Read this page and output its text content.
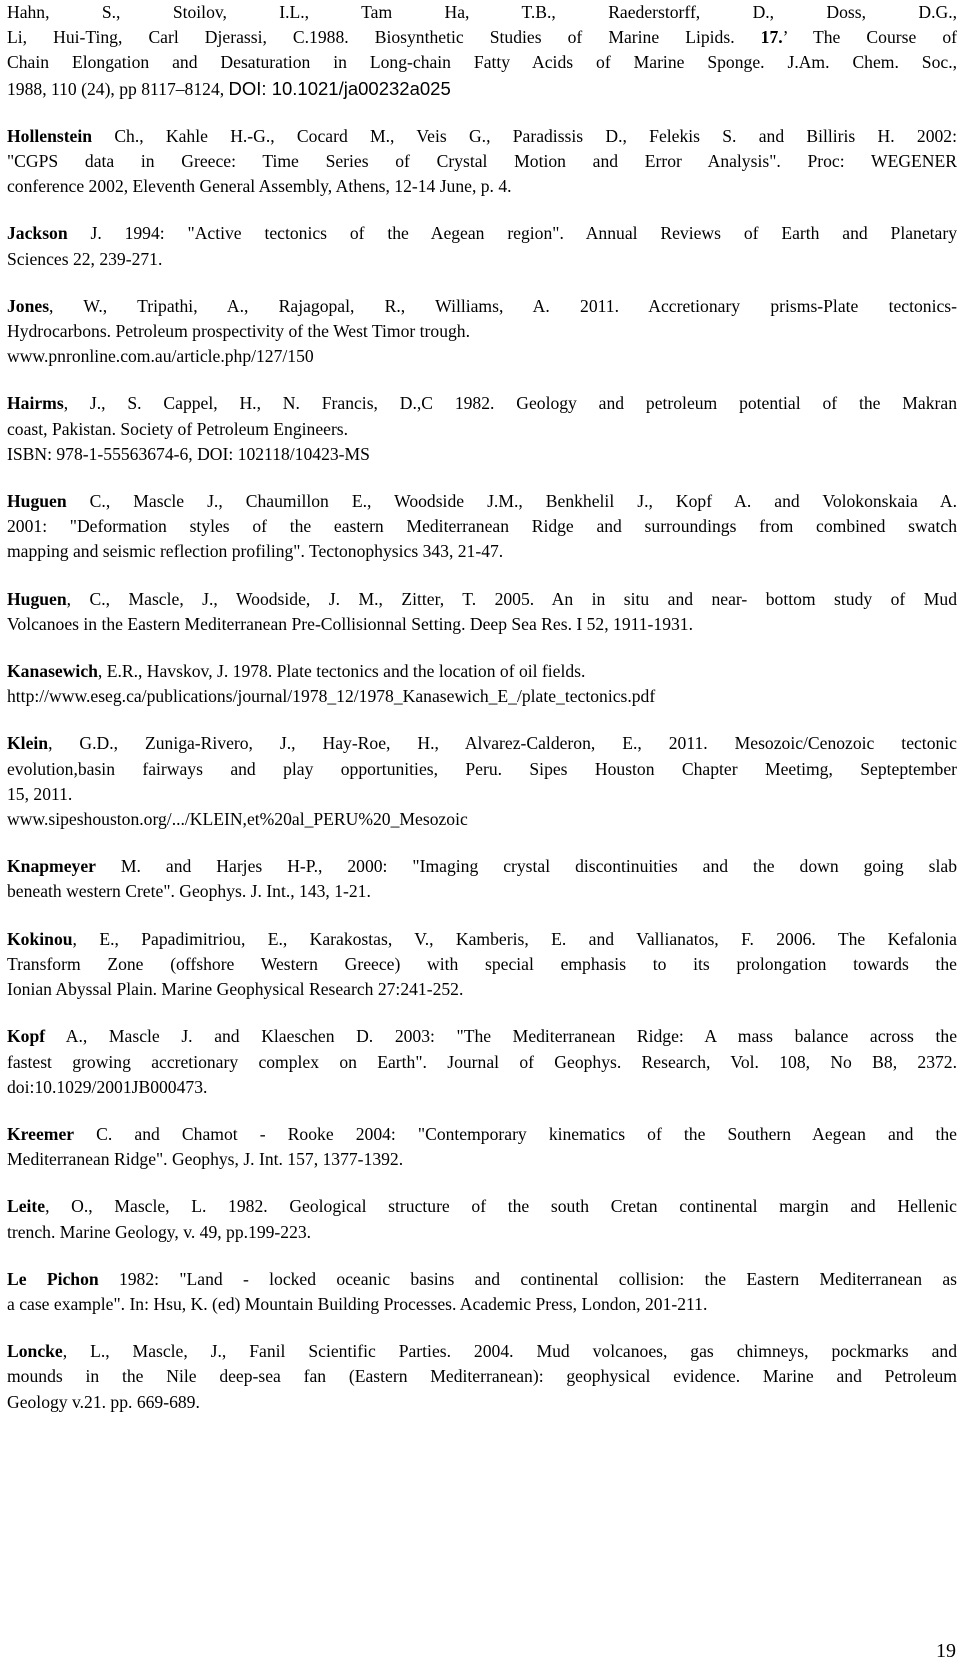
Hahn, S., Stoilov, I.L., Tam Ha, T.B., Raederstorff, D., Doss, D.G.,
Li, Hui-Ting, Carl Djerassi, C.1988. Biosynthetic Studies of Marine Lipids. 17.’ The Course of
Chain Elongation and Desaturation in Long-chain Fatty Acids of Marine Sponge. J.Am. Chem. Soc.,
1988, 110 (24), pp 8117–8124, DOI: 10.1021/ja00232a025
Hollenstein Ch., Kahle H.-G., Cocard M., Veis G., Paradissis D., Felekis S. and Billiris H. 2002:
"CGPS data in Greece: Time Series of Crystal Motion and Error Analysis". Proc: WEGENER
conference 2002, Eleventh General Assembly, Athens, 12-14 June, p. 4.
Jackson J. 1994: "Active tectonics of the Aegean region". Annual Reviews of Earth and Planetary
Sciences 22, 239-271.
Jones, W., Tripathi, A., Rajagopal, R., Williams, A. 2011. Accretionary prisms-Plate tectonics-
Hydrocarbons. Petroleum prospectivity of the West Timor trough.
www.pnronline.com.au/article.php/127/150
Hairms, J., S. Cappel, H., N. Francis, D.,C 1982. Geology and petroleum potential of the Makran
coast, Pakistan. Society of Petroleum Engineers.
ISBN: 978-1-55563674-6, DOI: 102118/10423-MS
Huguen C., Mascle J., Chaumillon E., Woodside J.M., Benkhelil J., Kopf A. and Volokonskaia A.
2001: "Deformation styles of the eastern Mediterranean Ridge and surroundings from combined swatch
mapping and seismic reflection profiling". Tectonophysics 343, 21-47.
Huguen, C., Mascle, J., Woodside, J. M., Zitter, T. 2005. An in situ and near- bottom study of Mud
Volcanoes in the Eastern Mediterranean Pre-Collisionnal Setting. Deep Sea Res. I 52, 1911-1931.
Kanasewich, E.R., Havskov, J. 1978. Plate tectonics and the location of oil fields.
http://www.eseg.ca/publications/journal/1978_12/1978_Kanasewich_E_/plate_tectonics.pdf
Klein, G.D., Zuniga-Rivero, J., Hay-Roe, H., Alvarez-Calderon, E., 2011. Mesozoic/Cenozoic tectonic
evolution,basin fairways and play opportunities, Peru. Sipes Houston Chapter Meetimg, Septeptember
15, 2011.
www.sipeshouston.org/.../KLEIN,et%20al_PERU%20_Mesozoic
Knapmeyer M. and Harjes H-P., 2000: "Imaging crystal discontinuities and the down going slab
beneath western Crete". Geophys. J. Int., 143, 1-21.
Kokinou, E., Papadimitriou, E., Karakostas, V., Kamberis, E. and Vallianatos, F. 2006. The Kefalonia
Transform Zone (offshore Western Greece) with special emphasis to its prolongation towards the
Ionian Abyssal Plain. Marine Geophysical Research 27:241-252.
Kopf A., Mascle J. and Klaeschen D. 2003: "The Mediterranean Ridge: A mass balance across the
fastest growing accretionary complex on Earth". Journal of Geophys. Research, Vol. 108, No B8, 2372.
doi:10.1029/2001JB000473.
Kreemer C. and Chamot - Rooke 2004: "Contemporary kinematics of the Southern Aegean and the
Mediterranean Ridge". Geophys, J. Int. 157, 1377-1392.
Leite, O., Mascle, L. 1982. Geological structure of the south Cretan continental margin and Hellenic
trench. Marine Geology, v. 49, pp.199-223.
Le Pichon 1982: "Land - locked oceanic basins and continental collision: the Eastern Mediterranean as
a case example". In: Hsu, K. (ed) Mountain Building Processes. Academic Press, London, 201-211.
Loncke, L., Mascle, J., Fanil Scientific Parties. 2004. Mud volcanoes, gas chimneys, pockmarks and
mounds in the Nile deep-sea fan (Eastern Mediterranean): geophysical evidence. Marine and Petroleum
Geology v.21. pp. 669-689.
19
